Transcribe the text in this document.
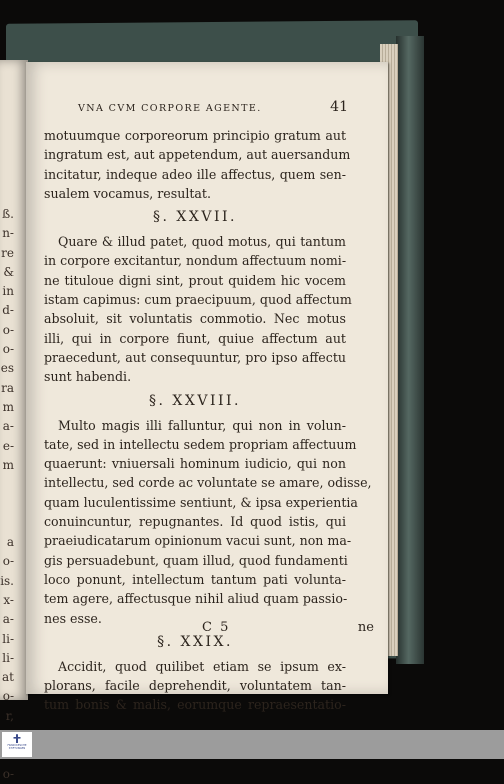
ß.
n-
re
&
in
d-
o-
o-
es
ra
m
a-
e-
m

a
o-
is.
x-
a-
li-
li-
at
o-
r,
o-
VNA CVM CORPORE AGENTE.	41
motuumque corporeorum principio gratum aut
ingratum est, aut appetendum, aut auersandum
incitatur, indeque adeo ille affectus, quem sen-
sualem vocamus, resultat.
§. XXVII.
Quare & illud patet, quod motus, qui tantum
in corpore excitantur, nondum affectuum nomi-
ne tituloue digni sint, prout quidem hic vocem
istam capimus: cum praecipuum, quod affectum
absoluit, sit voluntatis commotio. Nec motus
illi, qui in corpore fiunt, quiue affectum aut
praecedunt, aut consequuntur, pro ipso affectu
sunt habendi.
§. XXVIII.
Multo magis illi falluntur, qui non in volun-
tate, sed in intellectu sedem propriam affectuum
quaerunt: vniuersali hominum iudicio, qui non
intellectu, sed corde ac voluntate se amare, odisse,
quam luculentissime sentiunt, & ipsa experientia
conuincuntur, repugnantes. Id quod istis, qui
praeiudicatarum opinionum vacui sunt, non ma-
gis persuadebunt, quam illud, quod fundamenti
loco ponunt, intellectum tantum pati volunta-
tem agere, affectusque nihil aliud quam passio-
nes esse.
§. XXIX.
Accidit, quod quilibet etiam se ipsum ex-
plorans, facile deprehendit, voluntatem tan-
tum bonis & malis, eorumque repraesentatio-
C 5	ne
FRANCKESCHE
STIFTUNGEN
